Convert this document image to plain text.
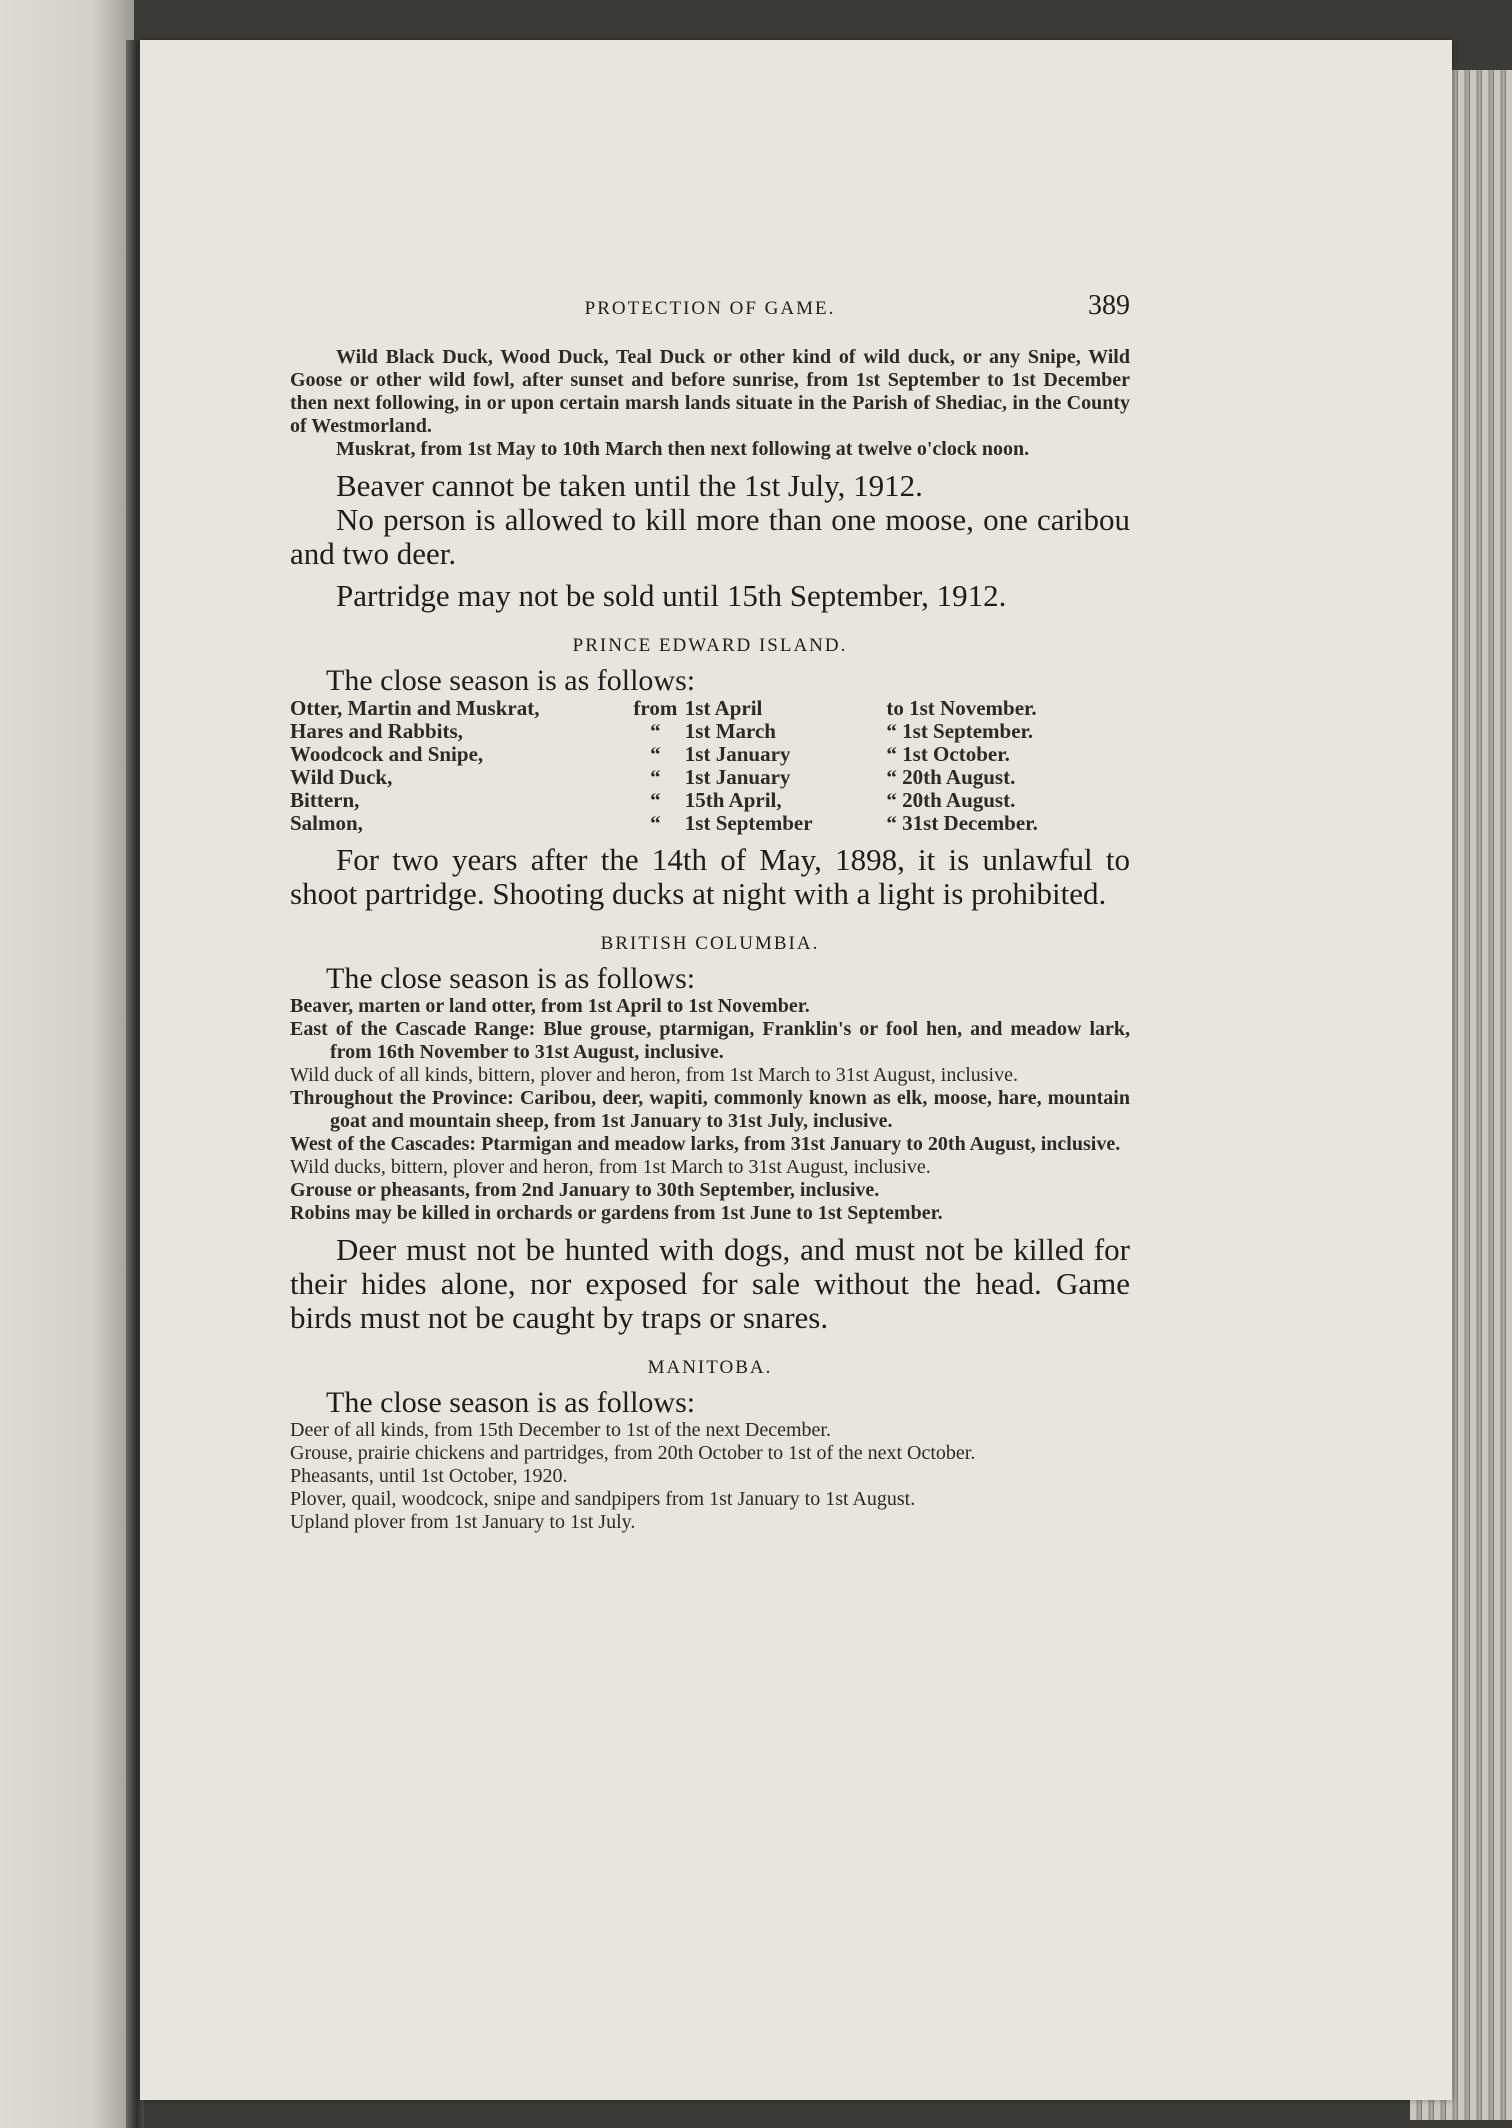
PROTECTION OF GAME.	389

Wild Black Duck, Wood Duck, Teal Duck or other kind of wild duck, or any Snipe, Wild Goose or other wild fowl, after sunset and before sunrise, from 1st September to 1st December then next following, in or upon certain marsh lands situate in the Parish of Shediac, in the County of Westmorland.

Muskrat, from 1st May to 10th March then next following at twelve o'clock noon.

Beaver cannot be taken until the 1st July, 1912.

No person is allowed to kill more than one moose, one caribou and two deer.

Partridge may not be sold until 15th September, 1912.

PRINCE EDWARD ISLAND.

The close season is as follows:

Otter, Martin and Muskrat,	from	1st April	to 1st November.
Hares and Rabbits,	“	1st March	“ 1st September.
Woodcock and Snipe,	“	1st January	“ 1st October.
Wild Duck,	“	1st January	“ 20th August.
Bittern,	“	15th April,	“ 20th August.
Salmon,	“	1st September	“ 31st December.

For two years after the 14th of May, 1898, it is unlawful to shoot partridge. Shooting ducks at night with a light is prohibited.

BRITISH COLUMBIA.

The close season is as follows:

Beaver, marten or land otter, from 1st April to 1st November.

East of the Cascade Range: Blue grouse, ptarmigan, Franklin's or fool hen, and meadow lark, from 16th November to 31st August, inclusive.

Wild duck of all kinds, bittern, plover and heron, from 1st March to 31st August, inclusive.

Throughout the Province: Caribou, deer, wapiti, commonly known as elk, moose, hare, mountain goat and mountain sheep, from 1st January to 31st July, inclusive.

West of the Cascades: Ptarmigan and meadow larks, from 31st January to 20th August, inclusive.

Wild ducks, bittern, plover and heron, from 1st March to 31st August, inclusive.

Grouse or pheasants, from 2nd January to 30th September, inclusive.

Robins may be killed in orchards or gardens from 1st June to 1st September.

Deer must not be hunted with dogs, and must not be killed for their hides alone, nor exposed for sale without the head. Game birds must not be caught by traps or snares.

MANITOBA.

The close season is as follows:

Deer of all kinds, from 15th December to 1st of the next December.

Grouse, prairie chickens and partridges, from 20th October to 1st of the next October.

Pheasants, until 1st October, 1920.

Plover, quail, woodcock, snipe and sandpipers from 1st January to 1st August.

Upland plover from 1st January to 1st July.
